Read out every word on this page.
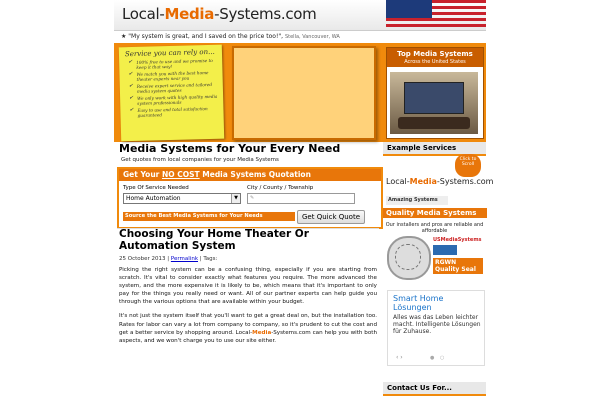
Local-Media-Systems.com
★ "My system is great, and I saved on the price too!", Stella, Vancouver, WA
Service you can rely on...
✔ 100% free to use and we promise to keep it that way!
✔ We match you with the best home theater experts near you
✔ Receive expert service and tailored media system quotes
✔ We only work with high quality media system professionals
✔ Easy to use and total satisfaction guaranteed
Top Media Systems
Across the United States
Media Systems for Your Every Need
Get quotes from local companies for your Media Systems
Get Your NO COST Media Systems Quotation
Type Of Service Needed	City / County / Township
Home Automation	▼	✎
Source the Best Media Systems for Your Needs	Get Quick Quote
Choosing Your Home Theater Or Automation System
25 October 2013 | Permalink | Tags:

Picking the right system can be a confusing thing, especially if you are starting from scratch. It's vital to consider exactly what features you require. The more advanced the system, and the more expensive it is likely to be, which means that it's important to only pay for the things you really need or want. All of our partner experts can help guide you through the various options that are available within your budget.

It's not just the system itself that you'll want to get a great deal on, but the installation too. Rates for labor can vary a lot from company to company, so it's prudent to cut the cost and get a better service by shopping around. Local-Media-Systems.com can help you with both aspects, and we won't charge you to use our site either.

Example Services
Click to Scroll
Local-Media-Systems.com
Amazing Systems
Quality Media Systems
Our installers and pros are reliable and affordable
USMediaSystems
RGWN Quality Seal
Smart Home Lösungen
Alles was das Leben leichter macht. Intelligente Lösungen für Zuhause.
‹ ›	● ○
Contact Us For...
